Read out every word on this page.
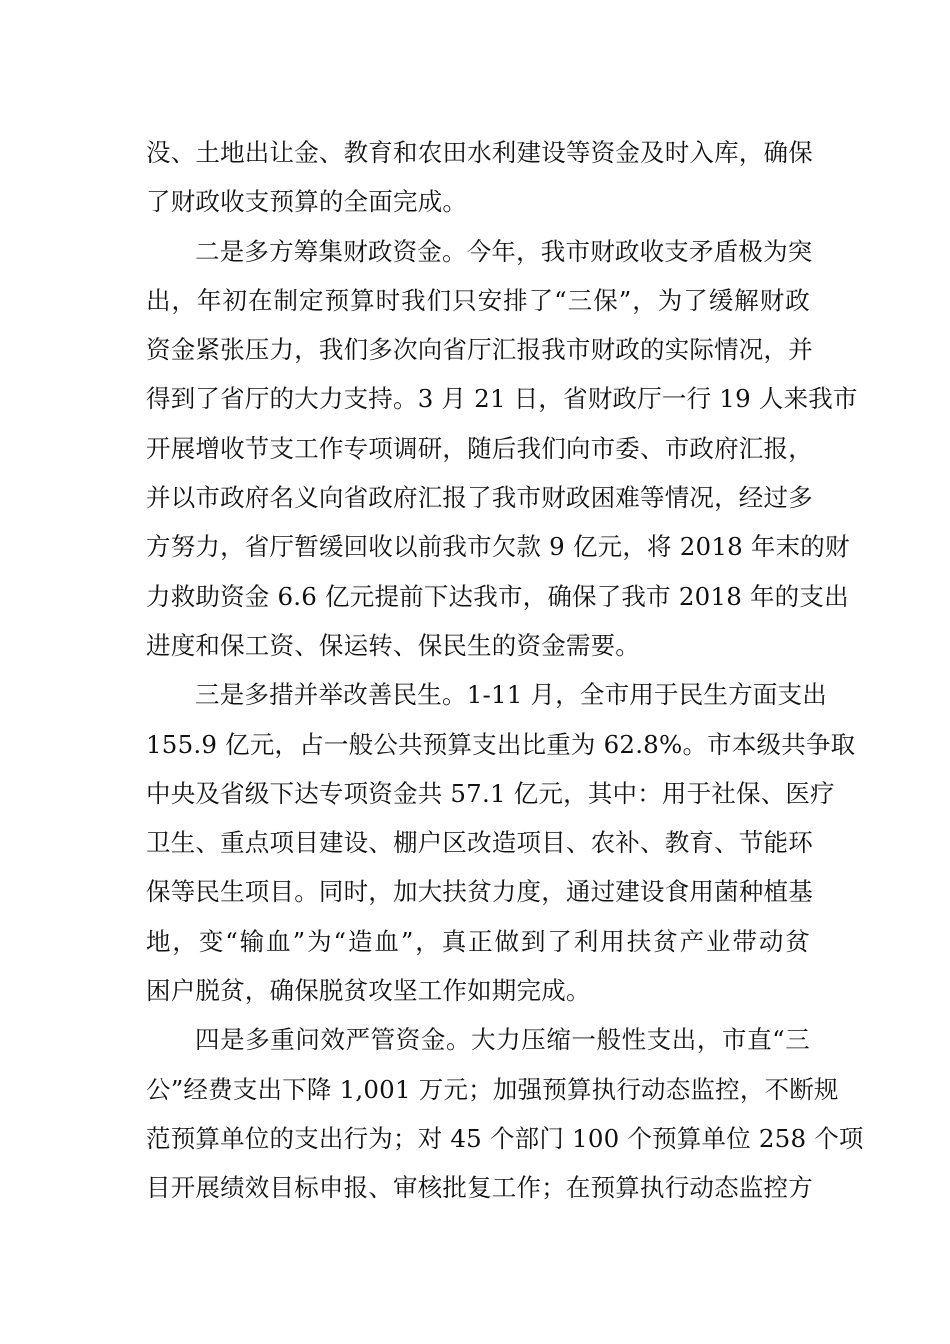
没、土地出让金、教育和农田水利建设等资金及时入库，确保
了财政收支预算的全面完成。
二是多方筹集财政资金。今年，我市财政收支矛盾极为突
出，年初在制定预算时我们只安排了“三保”，为了缓解财政
资金紧张压力，我们多次向省厅汇报我市财政的实际情况，并
得到了省厅的大力支持。3 月 21 日，省财政厅一行 19 人来我市
开展增收节支工作专项调研，随后我们向市委、市政府汇报，
并以市政府名义向省政府汇报了我市财政困难等情况，经过多
方努力，省厅暂缓回收以前我市欠款 9 亿元，将 2018 年末的财
力救助资金 6.6 亿元提前下达我市，确保了我市 2018 年的支出
进度和保工资、保运转、保民生的资金需要。
三是多措并举改善民生。1-11 月，全市用于民生方面支出
155.9 亿元，占一般公共预算支出比重为 62.8%。市本级共争取
中央及省级下达专项资金共 57.1 亿元，其中：用于社保、医疗
卫生、重点项目建设、棚户区改造项目、农补、教育、节能环
保等民生项目。同时，加大扶贫力度，通过建设食用菌种植基
地，变“输血”为“造血”，真正做到了利用扶贫产业带动贫
困户脱贫，确保脱贫攻坚工作如期完成。
四是多重问效严管资金。大力压缩一般性支出，市直“三
公”经费支出下降 1,001 万元；加强预算执行动态监控，不断规
范预算单位的支出行为；对 45 个部门 100 个预算单位 258 个项
目开展绩效目标申报、审核批复工作；在预算执行动态监控方
